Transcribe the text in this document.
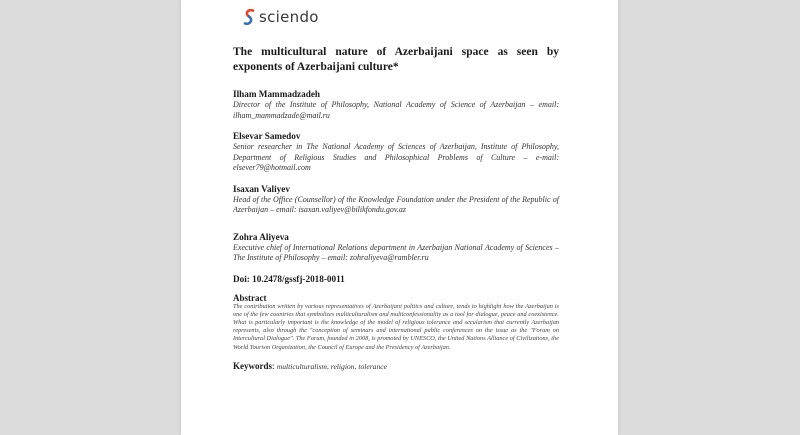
sciendo
The multicultural nature of Azerbaijani space as seen by exponents of Azerbaijani culture*
Ilham Mammadzadeh
Director of the Institute of Philosophy, National Academy of Science of Azerbaijan – email: ilham_mammadzade@mail.ru
Elsevar Samedov
Senior researcher in The National Academy of Sciences of Azerbaijan, Institute of Philosophy, Department of Religious Studies and Philosophical Problems of Culture – e-mail: elsever79@hotmail.com
Isaxan Valiyev
Head of the Office (Counsellor) of the Knowledge Foundation under the President of the Republic of Azerbaijan – email: isaxan.valiyev@bilikfondu.gov.az
Zohra Aliyeva
Executive chief of International Relations department in Azerbaijan National Academy of Sciences – The Institute of Philosophy – email: zohraliyeva@rambler.ru
Doi: 10.2478/gssfj-2018-0011
Abstract
The contribution written by various representatives of Azerbaijani politics and culture, tends to highlight how the Azerbaijan is one of the few countries that symbolizes multiculturalism and multiconfessionality as a tool for dialogue, peace and coexistence. What is particularly important is the knowledge of the model of religious tolerance and secularism that currently Azerbaijan represents, also through the "conception of seminars and international public conferences on the issue as the "Forum on Intercultural Dialogue". The Forum, founded in 2008, is promoted by UNESCO, the United Nations Alliance of Civilizations, the World Tourism Organization, the Council of Europe and the Presidency of Azerbaijan.
Keywords: multiculturalism, religion, tolerance
